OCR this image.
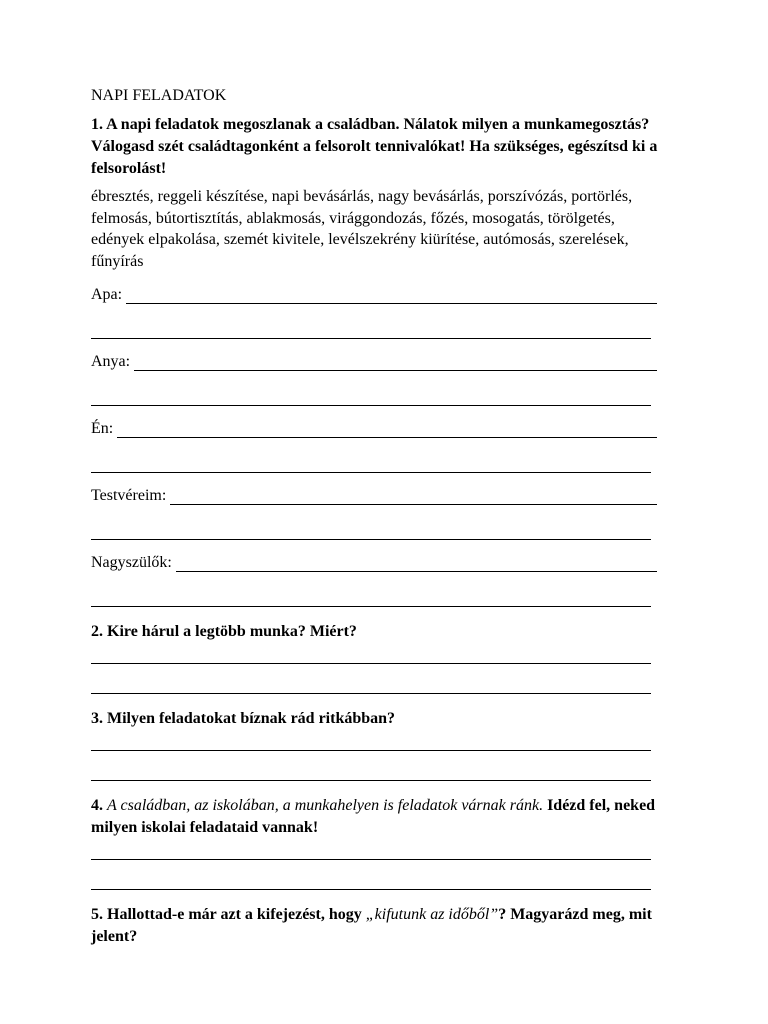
NAPI FELADATOK

1. A napi feladatok megoszlanak a családban. Nálatok milyen a munkamegosztás? Válogasd szét családtagonként a felsorolt tennivalókat! Ha szükséges, egészítsd ki a felsorolást!

ébresztés, reggeli készítése, napi bevásárlás, nagy bevásárlás, porszívózás, portörlés, felmosás, bútortisztítás, ablakmosás, virággondozás, főzés, mosogatás, törölgetés, edények elpakolása, szemét kivitele, levélszekrény kiürítése, autómosás, szerelések, fűnyírás

Apa:
Anya:
Én:
Testvéreim:
Nagyszülők:

2. Kire hárul a legtöbb munka? Miért?

3. Milyen feladatokat bíznak rád ritkábban?

4. A családban, az iskolában, a munkahelyen is feladatok várnak ránk. Idézd fel, neked milyen iskolai feladataid vannak!

5. Hallottad-e már azt a kifejezést, hogy „kifutunk az időből”? Magyarázd meg, mit jelent?
